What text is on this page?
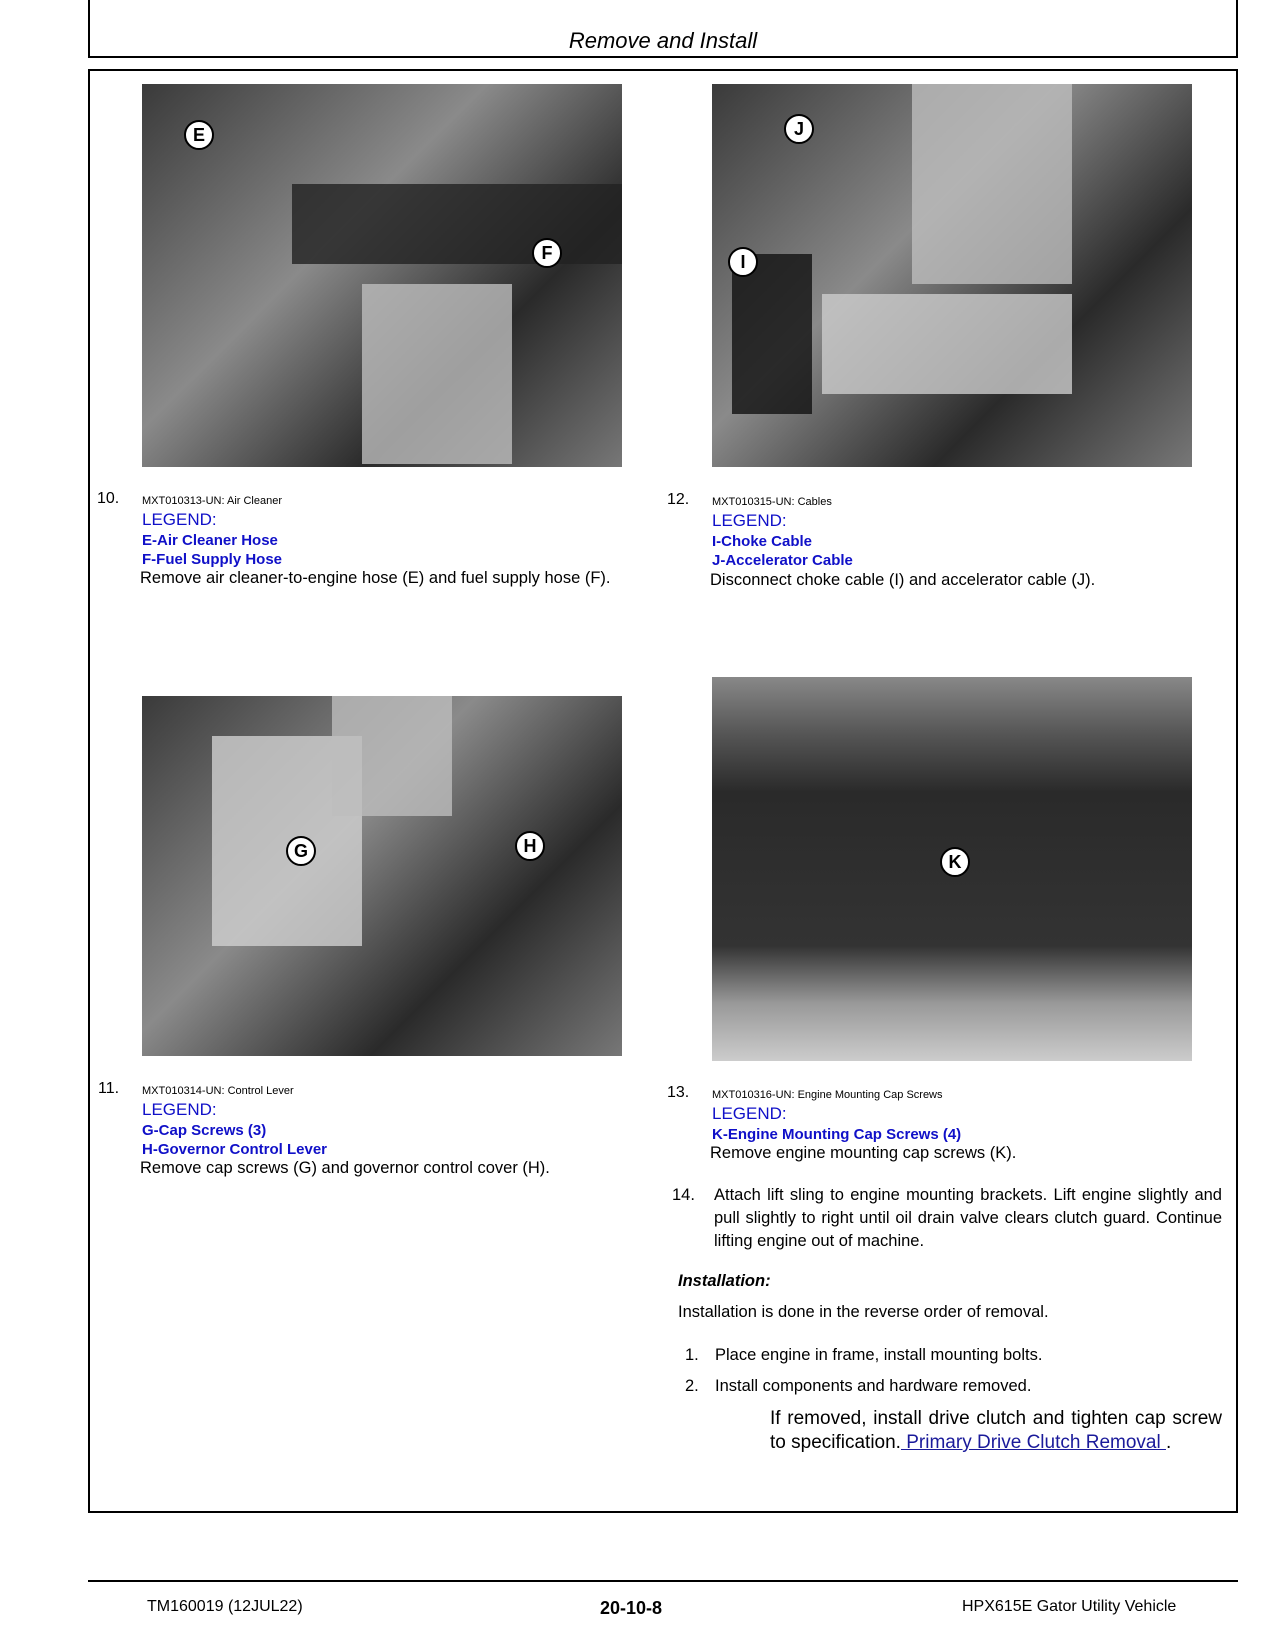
Remove and Install
E
F
J
I
G	H
K
10. MXT010313-UN: Air Cleaner
LEGEND:
E-Air Cleaner Hose
F-Fuel Supply Hose
Remove air cleaner-to-engine hose (E) and fuel supply hose (F).
12. MXT010315-UN: Cables
LEGEND:
I-Choke Cable
J-Accelerator Cable
Disconnect choke cable (I) and accelerator cable (J).
11. MXT010314-UN: Control Lever
LEGEND:
G-Cap Screws (3)
H-Governor Control Lever
Remove cap screws (G) and governor control cover (H).
13. MXT010316-UN: Engine Mounting Cap Screws
LEGEND:
K-Engine Mounting Cap Screws (4)
Remove engine mounting cap screws (K).
14. Attach lift sling to engine mounting brackets. Lift engine slightly and pull slightly to right until oil drain valve clears clutch guard. Continue lifting engine out of machine.
Installation:
Installation is done in the reverse order of removal.
1. Place engine in frame, install mounting bolts.
2. Install components and hardware removed.
If removed, install drive clutch and tighten cap screw to specification. Primary Drive Clutch Removal .
TM160019 (12JUL22)	20-10-8	HPX615E Gator Utility Vehicle
